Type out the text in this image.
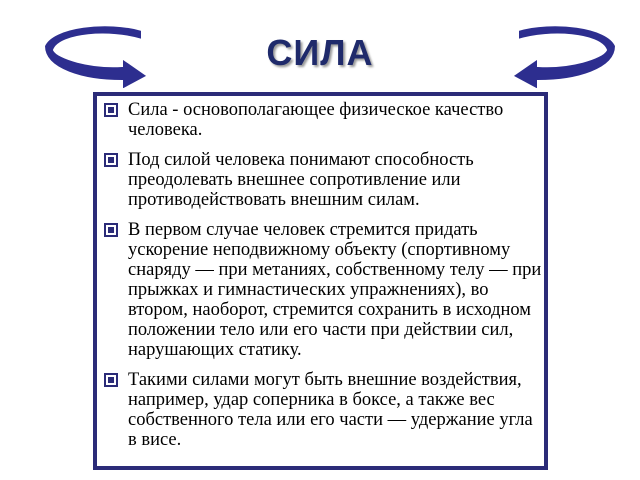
СИЛА
Сила - основополагающее физическое качество человека.
Под силой человека понимают способность преодолевать внешнее сопротивление или противодействовать внешним силам.
В первом случае человек стремится придать ускорение неподвижному объекту (спортивному снаряду — при метаниях, собственному телу — при прыжках и гимнастических упражнениях), во втором, наоборот, стремится сохранить в исходном положении тело или его части при действии сил, нарушающих статику.
Такими силами могут быть внешние воздействия, например, удар соперника в боксе, а также вес собственного тела или его части — удержание угла в висе.
